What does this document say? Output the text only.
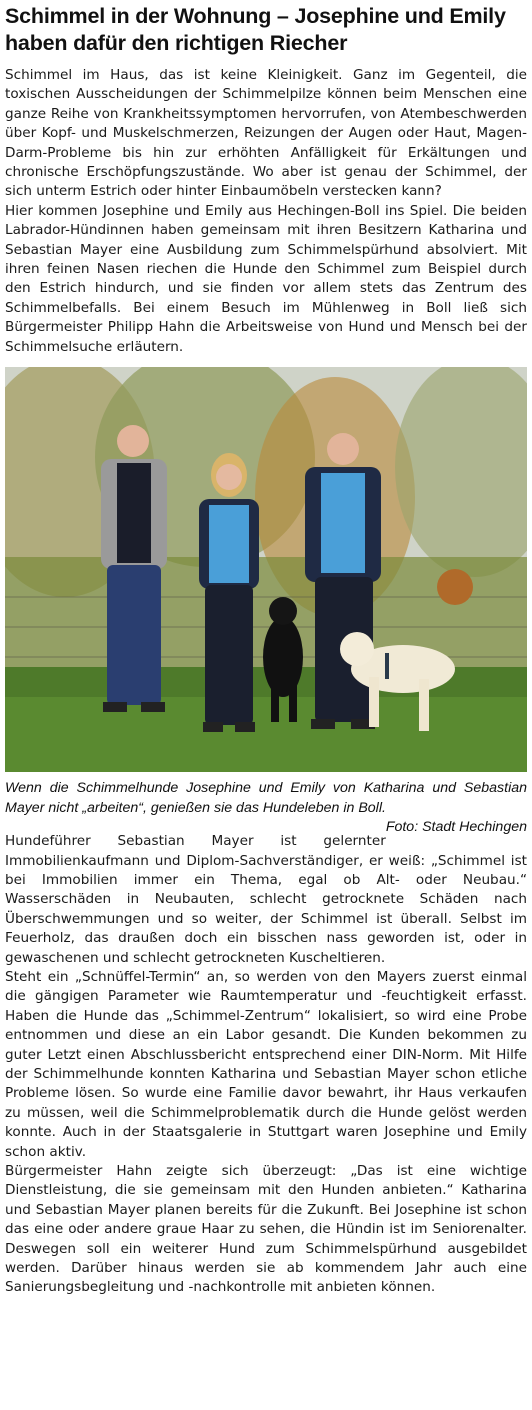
Schimmel in der Wohnung – Josephine und Emily haben dafür den richtigen Riecher

Schimmel im Haus, das ist keine Kleinigkeit. Ganz im Gegenteil, die toxischen Ausscheidungen der Schimmelpilze können beim Menschen eine ganze Reihe von Krankheitssymptomen hervorrufen, von Atembeschwerden über Kopf- und Muskelschmerzen, Reizungen der Augen oder Haut, Magen-Darm-Probleme bis hin zur erhöhten Anfälligkeit für Erkältungen und chronische Erschöpfungszustände. Wo aber ist genau der Schimmel, der sich unterm Estrich oder hinter Einbaumöbeln verstecken kann?

Hier kommen Josephine und Emily aus Hechingen-Boll ins Spiel. Die beiden Labrador-Hündinnen haben gemeinsam mit ihren Besitzern Katharina und Sebastian Mayer eine Ausbildung zum Schimmelspürhund absolviert. Mit ihren feinen Nasen riechen die Hunde den Schimmel zum Beispiel durch den Estrich hindurch, und sie finden vor allem stets das Zentrum des Schimmelbefalls. Bei einem Besuch im Mühlenweg in Boll ließ sich Bürgermeister Philipp Hahn die Arbeitsweise von Hund und Mensch bei der Schimmelsuche erläutern.

Wenn die Schimmelhunde Josephine und Emily von Katharina und Sebastian Mayer nicht „arbeiten“, genießen sie das Hundeleben in Boll.
Foto: Stadt Hechingen

Hundeführer Sebastian Mayer ist gelernter Immobilienkaufmann und Diplom-Sachverständiger, er weiß: „Schimmel ist bei Immobilien immer ein Thema, egal ob Alt- oder Neubau.“ Wasserschäden in Neubauten, schlecht getrocknete Schäden nach Überschwemmungen und so weiter, der Schimmel ist überall. Selbst im Feuerholz, das draußen doch ein bisschen nass geworden ist, oder in gewaschenen und schlecht getrockneten Kuscheltieren.

Steht ein „Schnüffel-Termin“ an, so werden von den Mayers zuerst einmal die gängigen Parameter wie Raumtemperatur und -feuchtigkeit erfasst. Haben die Hunde das „Schimmel-Zentrum“ lokalisiert, so wird eine Probe entnommen und diese an ein Labor gesandt. Die Kunden bekommen zu guter Letzt einen Abschlussbericht entsprechend einer DIN-Norm. Mit Hilfe der Schimmelhunde konnten Katharina und Sebastian Mayer schon etliche Probleme lösen. So wurde eine Familie davor bewahrt, ihr Haus verkaufen zu müssen, weil die Schimmelproblematik durch die Hunde gelöst werden konnte. Auch in der Staatsgalerie in Stuttgart waren Josephine und Emily schon aktiv.

Bürgermeister Hahn zeigte sich überzeugt: „Das ist eine wichtige Dienstleistung, die sie gemeinsam mit den Hunden anbieten.“ Katharina und Sebastian Mayer planen bereits für die Zukunft. Bei Josephine ist schon das eine oder andere graue Haar zu sehen, die Hündin ist im Seniorenalter. Deswegen soll ein weiterer Hund zum Schimmelspürhund ausgebildet werden. Darüber hinaus werden sie ab kommendem Jahr auch eine Sanierungsbegleitung und -nachkontrolle mit anbieten können.
